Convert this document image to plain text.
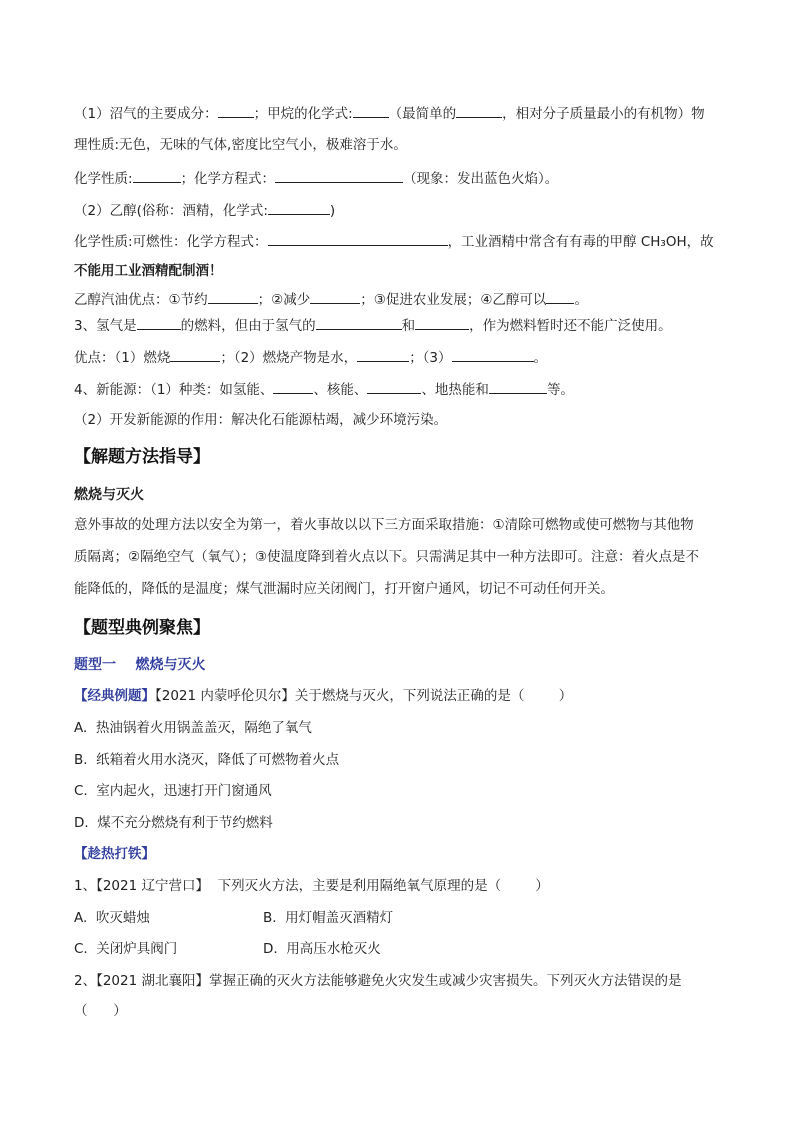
（1）沼气的主要成分：	；甲烷的化学式:	（最简单的	，相对分子质量最小的有机物）物
理性质:无色，无味的气体,密度比空气小，极难溶于水。
化学性质:	；化学方程式：	（现象：发出蓝色火焰）。
（2）乙醇(俗称：酒精，化学式:	)
化学性质:可燃性：化学方程式：	，工业酒精中常含有有毒的甲醇 CH₃OH，故
不能用工业酒精配制酒！
乙醇汽油优点：①节约	；②减少	；③促进农业发展；④乙醇可以 。
3、氢气是	的燃料，但由于氢气的	和	，作为燃料暂时还不能广泛使用。
优点：（1）燃烧	；（2）燃烧产物是水，	；（3）	。
4、新能源：（1）种类：如氢能、	、核能、	、地热能和	等。
（2）开发新能源的作用：解决化石能源枯竭，减少环境污染。
【解题方法指导】
燃烧与灭火
意外事故的处理方法以安全为第一，着火事故以以下三方面采取措施：①清除可燃物或使可燃物与其他物
质隔离；②隔绝空气（氧气）；③使温度降到着火点以下。只需满足其中一种方法即可。注意：着火点是不
能降低的，降低的是温度；煤气泄漏时应关闭阀门，打开窗户通风，切记不可动任何开关。
【题型典例聚焦】
题型一    燃烧与灭火
【经典例题】【2021 内蒙呼伦贝尔】关于燃烧与灭火，下列说法正确的是（        ）
A.  热油锅着火用锅盖盖灭，隔绝了氧气
B.  纸箱着火用水浇灭，降低了可燃物着火点
C.  室内起火，迅速打开门窗通风
D.  煤不充分燃烧有利于节约燃料
【趁热打铁】
1、【2021 辽宁营口】  下列灭火方法，主要是利用隔绝氧气原理的是（        ）
A.  吹灭蜡烛	B.  用灯帽盖灭酒精灯
C.  关闭炉具阀门	D.  用高压水枪灭火
2、【2021 湖北襄阳】掌握正确的灭火方法能够避免火灾发生或减少灾害损失。下列灭火方法错误的是
（      ）
